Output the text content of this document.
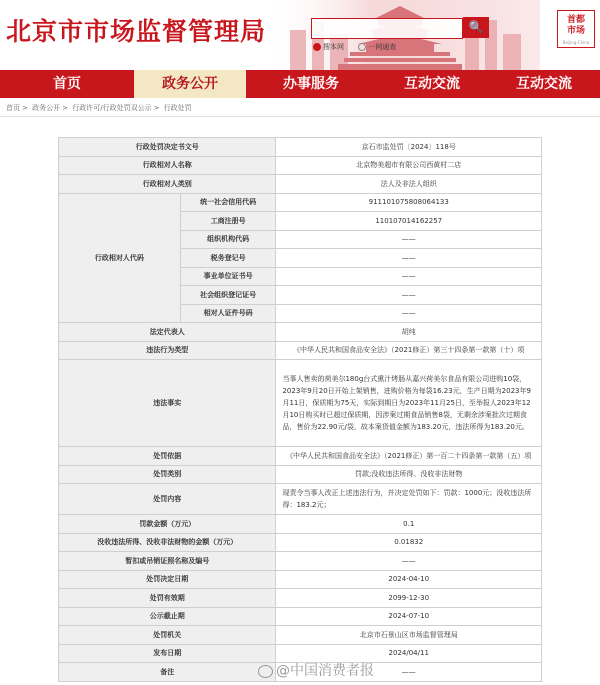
北京市市场监督管理局	🔍
搜本网	一网通查
首都市场
Beijing-China
首页	政务公开	办事服务	互动交流	互动交流
首页 > 政务公开 > 行政许可/行政处罚双公示 > 行政处罚
行政处罚决定书文号		京石市监处罚〔2024〕118号
行政相对人名称		北京物美超市有限公司西黄村二店
行政相对人类别		法人及非法人组织
行政相对人代码	统一社会信用代码	911101075808064133
	工商注册号	110107014162257
	组织机构代码	——
	税务登记号	——
	事业单位证书号	——
	社会组织登记证号	——
	相对人证件号码	——
法定代表人		胡纯
违法行为类型		《中华人民共和国食品安全法》（2021修正）第三十四条第一款第（十）项
违法事实		当事人售卖的荷美尔180g台式熏汁烤肠从嘉兴荷美尔食品有限公司进购10袋，2023年9月20日开始上架销售，进购价格为每袋16.23元，生产日期为2023年9月11日，保质期为75天，实际到期日为2023年11月25日，至举报人2023年12月10日购买时已超过保质期，因涉案过期食品销售8袋，无剩余涉案批次过期食品，售价为22.90元/袋，故本案货值金额为183.20元，违法所得为183.20元。
处罚依据		《中华人民共和国食品安全法》（2021修正）第一百二十四条第一款第（五）项
处罚类别		罚款;没收违法所得、没收非法财物
处罚内容		现责令当事人改正上述违法行为，并决定处罚如下：罚款：1000元；没收违法所得：183.2元；
罚款金额（万元）		0.1
没收违法所得、没收非法财物的金额（万元）		0.01832
暂扣或吊销证照名称及编号		——
处罚决定日期		2024-04-10
处罚有效期		2099-12-30
公示截止期		2024-07-10
处罚机关		北京市石景山区市场监督管理局
发布日期		2024/04/11
备注		——
@中国消费者报
